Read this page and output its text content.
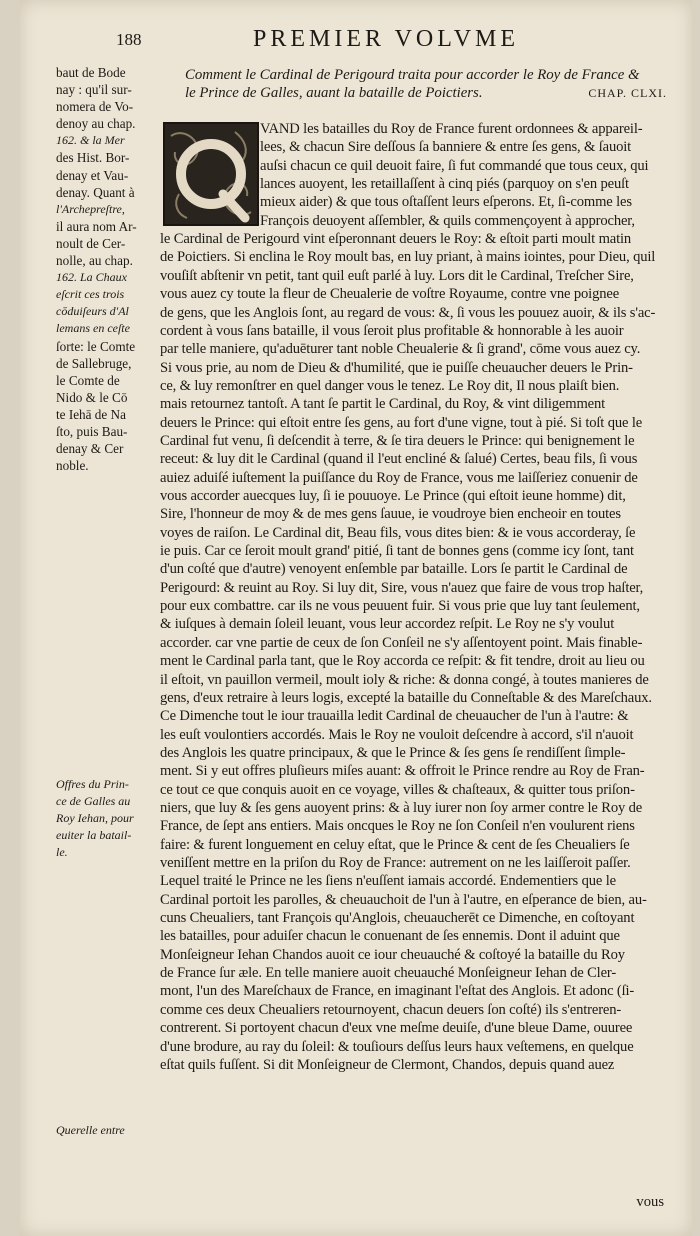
188	PREMIER VOLVME

baut de Bode
nay : qu'il sur-
nomera de Vo-
denoy au chap.
162. & la Mer
des Hist. Bor-
denay et Vau-
denay. Quant à
l'Archepreſtre,
il aura nom Ar-
noult de Cer-
nolle, au chap.
162. La Chaux
eſcrit ces trois
cōduiſeurs d'Al
lemans en ceſte
ſorte: le Comte
de Sallebruge,
le Comte de
Nido & le Cō
te Iehā de Na
ſto, puis Bau-
denay & Cer
noble.

Offres du Prin-
ce de Galles au
Roy Iehan, pour
euiter la batail-
le.

Querelle entre

Comment le Cardinal de Perigourd traita pour accorder le Roy de France &
le Prince de Galles, auant la bataille de Poictiers.	CHAP. CLXI.
VAND les batailles du Roy de France furent ordonnees & appareil-
lees, & chacun Sire deſſous ſa banniere & entre ſes gens, & ſauoit
auſsi chacun ce quil deuoit faire, ſi fut commandé que tous ceux, qui
lances auoyent, les retaillaſſent à cinq piés (parquoy on s'en peuſt
mieux aider) & que tous oſtaſſent leurs eſperons. Et, ſi-comme les
François deuoyent aſſembler, & quils commençoyent à approcher,
le Cardinal de Perigourd vint eſperonnant deuers le Roy: & eſtoit parti moult matin
de Poictiers. Si enclina le Roy moult bas, en luy priant, à mains iointes, pour Dieu, quil
vouſiſt abſtenir vn petit, tant quil euſt parlé à luy. Lors dit le Cardinal, Treſcher Sire,
vous auez cy toute la fleur de Cheualerie de voſtre Royaume, contre vne poignee
de gens, que les Anglois ſont, au regard de vous: &, ſi vous les pouuez auoir, & ils s'ac-
cordent à vous ſans bataille, il vous ſeroit plus profitable & honnorable à les auoir
par telle maniere, qu'aduēturer tant noble Cheualerie & ſi grand', cōme vous auez cy.
Si vous prie, au nom de Dieu & d'humilité, que ie puiſſe cheuaucher deuers le Prin-
ce, & luy remonſtrer en quel danger vous le tenez. Le Roy dit, Il nous plaiſt bien.
mais retournez tantoſt. A tant ſe partit le Cardinal, du Roy, & vint diligemment
deuers le Prince: qui eſtoit entre ſes gens, au fort d'une vigne, tout à pié. Si toſt que le
Cardinal fut venu, ſi deſcendit à terre, & ſe tira deuers le Prince: qui benignement le
receut: & luy dit le Cardinal (quand il l'eut encliné & ſalué) Certes, beau fils, ſi vous
auiez aduiſé iuſtement la puiſſance du Roy de France, vous me laiſſeriez conuenir de
vous accorder auecques luy, ſi ie pouuoye. Le Prince (qui eſtoit ieune homme) dit,
Sire, l'honneur de moy & de mes gens ſauue, ie voudroye bien encheoir en toutes
voyes de raiſon. Le Cardinal dit, Beau fils, vous dites bien: & ie vous accorderay, ſe
ie puis. Car ce ſeroit moult grand' pitié, ſi tant de bonnes gens (comme icy ſont, tant
d'un coſté que d'autre) venoyent enſemble par bataille. Lors ſe partit le Cardinal de
Perigourd: & reuint au Roy. Si luy dit, Sire, vous n'auez que faire de vous trop haſter,
pour eux combattre. car ils ne vous peuuent fuir. Si vous prie que luy tant ſeulement,
& iuſques à demain ſoleil leuant, vous leur accordez reſpit. Le Roy ne s'y voulut
accorder. car vne partie de ceux de ſon Conſeil ne s'y aſſentoyent point. Mais finable-
ment le Cardinal parla tant, que le Roy accorda ce reſpit: & fit tendre, droit au lieu ou
il eſtoit, vn pauillon vermeil, moult ioly & riche: & donna congé, à toutes manieres de
gens, d'eux retraire à leurs logis, excepté la bataille du Conneſtable & des Mareſchaux.
Ce Dimenche tout le iour trauailla ledit Cardinal de cheuaucher de l'un à l'autre: &
les euſt voulontiers accordés. Mais le Roy ne vouloit deſcendre à accord, s'il n'auoit
des Anglois les quatre principaux, & que le Prince & ſes gens ſe rendiſſent ſimple-
ment. Si y eut offres pluſieurs miſes auant: & offroit le Prince rendre au Roy de Fran-
ce tout ce que conquis auoit en ce voyage, villes & chaſteaux, & quitter tous priſon-
niers, que luy & ſes gens auoyent prins: & à luy iurer non ſoy armer contre le Roy de
France, de ſept ans entiers. Mais oncques le Roy ne ſon Conſeil n'en voulurent riens
faire: & furent longuement en celuy eſtat, que le Prince & cent de ſes Cheualiers ſe
veniſſent mettre en la priſon du Roy de France: autrement on ne les laiſſeroit paſſer.
Lequel traité le Prince ne les ſiens n'euſſent iamais accordé. Endementiers que le
Cardinal portoit les parolles, & cheuauchoit de l'un à l'autre, en eſperance de bien, au-
cuns Cheualiers, tant François qu'Anglois, cheuaucherēt ce Dimenche, en coſtoyant
les batailles, pour aduiſer chacun le conuenant de ſes ennemis. Dont il aduint que
Monſeigneur Iehan Chandos auoit ce iour cheuauché & coſtoyé la bataille du Roy
de France ſur æle. En telle maniere auoit cheuauché Monſeigneur Iehan de Cler-
mont, l'un des Mareſchaux de France, en imaginant l'eſtat des Anglois. Et adonc (ſi-
comme ces deux Cheualiers retournoyent, chacun deuers ſon coſté) ils s'entreren-
contrerent. Si portoyent chacun d'eux vne meſme deuiſe, d'une bleue Dame, ouuree
d'une brodure, au ray du ſoleil: & touſiours deſſus leurs haux veſtemens, en quelque
eſtat quils fuſſent. Si dit Monſeigneur de Clermont, Chandos, depuis quand auez
vous
